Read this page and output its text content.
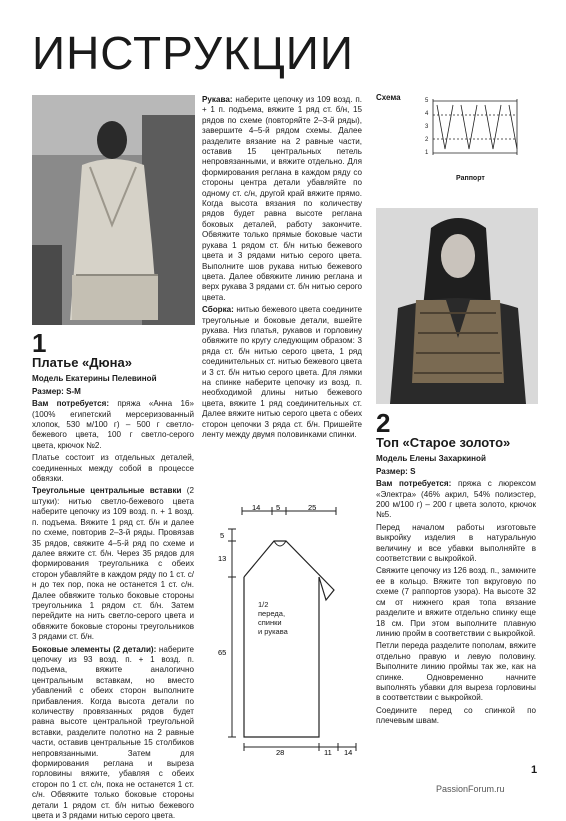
ИНСТРУКЦИИ
1
Платье «Дюна»

Модель Екатерины Пелевиной

Размер: S-M

Вам потребуется: пряжа «Анна 16» (100% египетский мерсеризованный хлопок, 530 м/100 г) – 500 г светло-бежевого цвета, 100 г светло-серого цвета, крючок №2.

Платье состоит из отдельных деталей, соединенных между собой в процессе обвязки.

Треугольные центральные вставки (2 штуки): нитью светло-бежевого цвета наберите цепочку из 109 возд. п. + 1 возд. п. подъема. Вяжите 1 ряд ст. б/н и далее по схеме, повторив 2–3-й ряды. Провязав 35 рядов, свяжите 4–5-й ряд по схеме и далее вяжите ст. б/н. Через 35 рядов для формирования треугольника с обеих сторон убавляйте в каждом ряду по 1 ст. с/н до тех пор, пока не останется 1 ст. с/н. Далее обвяжите только боковые стороны треугольника 1 рядом ст. б/н. Затем перейдите на нить светло-серого цвета и обвяжите боковые стороны треугольников 3 рядами ст. б/н.

Боковые элементы (2 детали): наберите цепочку из 93 возд. п. + 1 возд. п. подъема, вяжите аналогично центральным вставкам, но вместо убавлений с обеих сторон выполните прибавления. Когда высота детали по количеству провязанных рядов будет равна высоте центральной треугольной вставки, разделите полотно на 2 равные части, оставив центральные 15 столбиков непровязанными. Затем для формирования реглана и выреза горловины вяжите, убавляя с обеих сторон по 1 ст. с/н, пока не останется 1 ст. с/н. Обвяжите только боковые стороны детали 1 рядом ст. б/н нитью бежевого цвета и 3 рядами нитью серого цвета.

Рукава: наберите цепочку из 109 возд. п. + 1 п. подъема, вяжите 1 ряд ст. б/н, 15 рядов по схеме (повторяйте 2–3-й ряды), завершите 4–5-й рядом схемы. Далее разделите вязание на 2 равные части, оставив 15 центральных петель непровязанными, и вяжите отдельно. Для формирования реглана в каждом ряду со стороны центра детали убавляйте по одному ст. с/н, другой край вяжите прямо. Когда высота вязания по количеству рядов будет равна высоте реглана боковых деталей, работу закончите. Обвяжите только прямые боковые части рукава 1 рядом ст. б/н нитью бежевого цвета и 3 рядами нитью серого цвета. Выполните шов рукава нитью бежевого цвета. Далее обвяжите линию реглана и верх рукава 3 рядами ст. б/н нитью серого цвета.

Сборка: нитью бежевого цвета соедините треугольные и боковые детали, вшейте рукава. Низ платья, рукавов и горловину обвяжите по кругу следующим образом: 3 ряда ст. б/н нитью серого цвета, 1 ряд соединительных ст. нитью бежевого цвета и 3 ст. б/н нитью серого цвета. Для лямки на спинке наберите цепочку из возд. п. необходимой длины нитью бежевого цвета, вяжите 1 ряд соединительных ст. Далее вяжите нитью серого цвета с обеих сторон цепочки 3 ряда ст. б/н. Пришейте ленту между двумя половинками спинки.

14 5	25
5
13
65
28	11 14
1/2
переда,
спинки
и рукава
Схема	5
4
3
2
1
Раппорт
2
Топ «Старое золото»

Модель Елены Захаркиной

Размер: S

Вам потребуется: пряжа с люрексом «Электра» (46% акрил, 54% полиэстер, 200 м/100 г) – 200 г цвета золото, крючок №5.

Перед началом работы изготовьте выкройку изделия в натуральную величину и все убавки выполняйте в соответствии с выкройкой.

Свяжите цепочку из 126 возд. п., замкните ее в кольцо. Вяжите топ вкруговую по схеме (7 раппортов узора). На высоте 32 см от нижнего края топа вязание разделите и вяжите отдельно спинку еще 18 см. При этом выполните плавную линию пройм в соответствии с выкройкой.

Петли переда разделите пополам, вяжите отдельно правую и левую половину. Выполните линию проймы так же, как на спинке. Одновременно начните выполнять убавки для выреза горловины в соответствии с выкройкой.

Соедините перед со спинкой по плечевым швам.

1
PassionForum.ru
